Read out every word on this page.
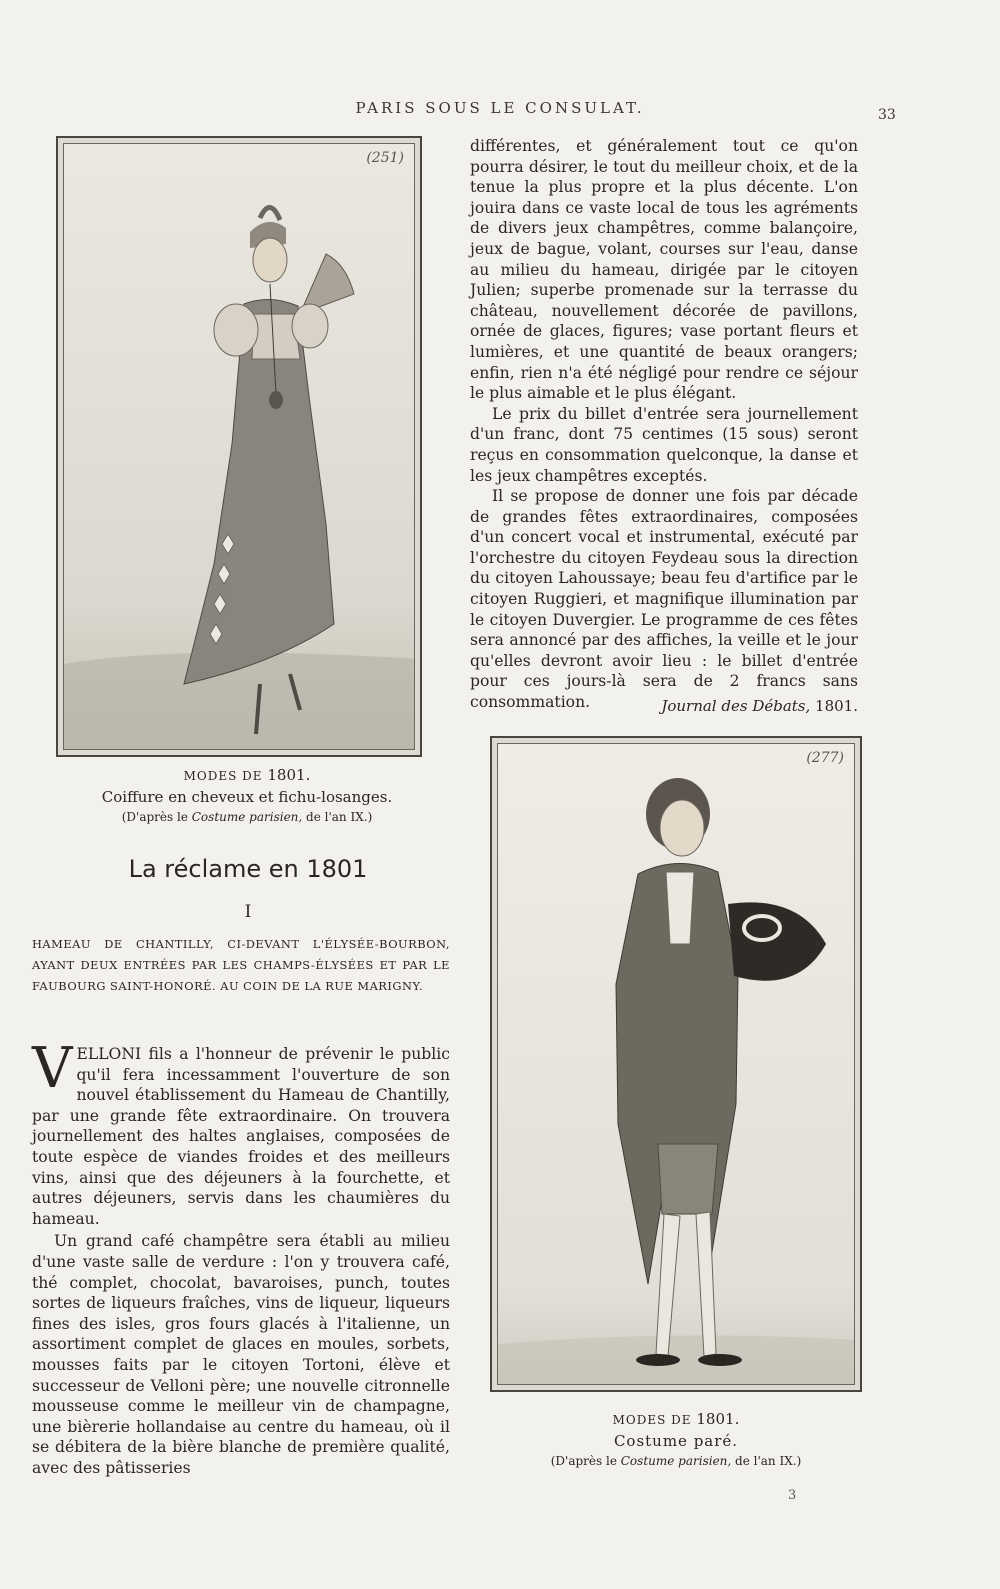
PARIS SOUS LE CONSULAT.	33
(251)
MODES DE 1801.
Coiffure en cheveux et fichu-losanges.
(D'après le Costume parisien, de l'an IX.)
La réclame en 1801
I
HAMEAU DE CHANTILLY, CI-DEVANT L'ÉLYSÉE-BOURBON, AYANT DEUX ENTRÉES PAR LES CHAMPS-ÉLYSÉES ET PAR LE FAUBOURG SAINT-HONORÉ. AU COIN DE LA RUE MARIGNY.

VELLONI fils a l'honneur de prévenir le public qu'il fera incessamment l'ouverture de son nouvel établissement du Hameau de Chantilly, par une grande fête extraordinaire. On trouvera journellement des haltes anglaises, composées de toute espèce de viandes froides et des meilleurs vins, ainsi que des déjeuners à la fourchette, et autres déjeuners, servis dans les chaumières du hameau.

Un grand café champêtre sera établi au milieu d'une vaste salle de verdure : l'on y trouvera café, thé complet, chocolat, bavaroises, punch, toutes sortes de liqueurs fraîches, vins de liqueur, liqueurs fines des isles, gros fours glacés à l'italienne, un assortiment complet de glaces en moules, sorbets, mousses faits par le citoyen Tortoni, élève et successeur de Velloni père; une nouvelle citronnelle mousseuse comme le meilleur vin de champagne, une bièrerie hollandaise au centre du hameau, où il se débitera de la bière blanche de première qualité, avec des pâtisseries

différentes, et généralement tout ce qu'on pourra désirer, le tout du meilleur choix, et de la tenue la plus propre et la plus décente. L'on jouira dans ce vaste local de tous les agréments de divers jeux champêtres, comme balançoire, jeux de bague, volant, courses sur l'eau, danse au milieu du hameau, dirigée par le citoyen Julien; superbe promenade sur la terrasse du château, nouvellement décorée de pavillons, ornée de glaces, figures; vase portant fleurs et lumières, et une quantité de beaux orangers; enfin, rien n'a été négligé pour rendre ce séjour le plus aimable et le plus élégant.

Le prix du billet d'entrée sera journellement d'un franc, dont 75 centimes (15 sous) seront reçus en consommation quelconque, la danse et les jeux champêtres exceptés.

Il se propose de donner une fois par décade de grandes fêtes extraordinaires, composées d'un concert vocal et instrumental, exécuté par l'orchestre du citoyen Feydeau sous la direction du citoyen Lahoussaye; beau feu d'artifice par le citoyen Ruggieri, et magnifique illumination par le citoyen Duvergier. Le programme de ces fêtes sera annoncé par des affiches, la veille et le jour qu'elles devront avoir lieu : le billet d'entrée pour ces jours-là sera de 2 francs sans consommation.	Journal des Débats, 1801.
(277)
MODES DE 1801.
Costume paré.
(D'après le Costume parisien, de l'an IX.)
3
